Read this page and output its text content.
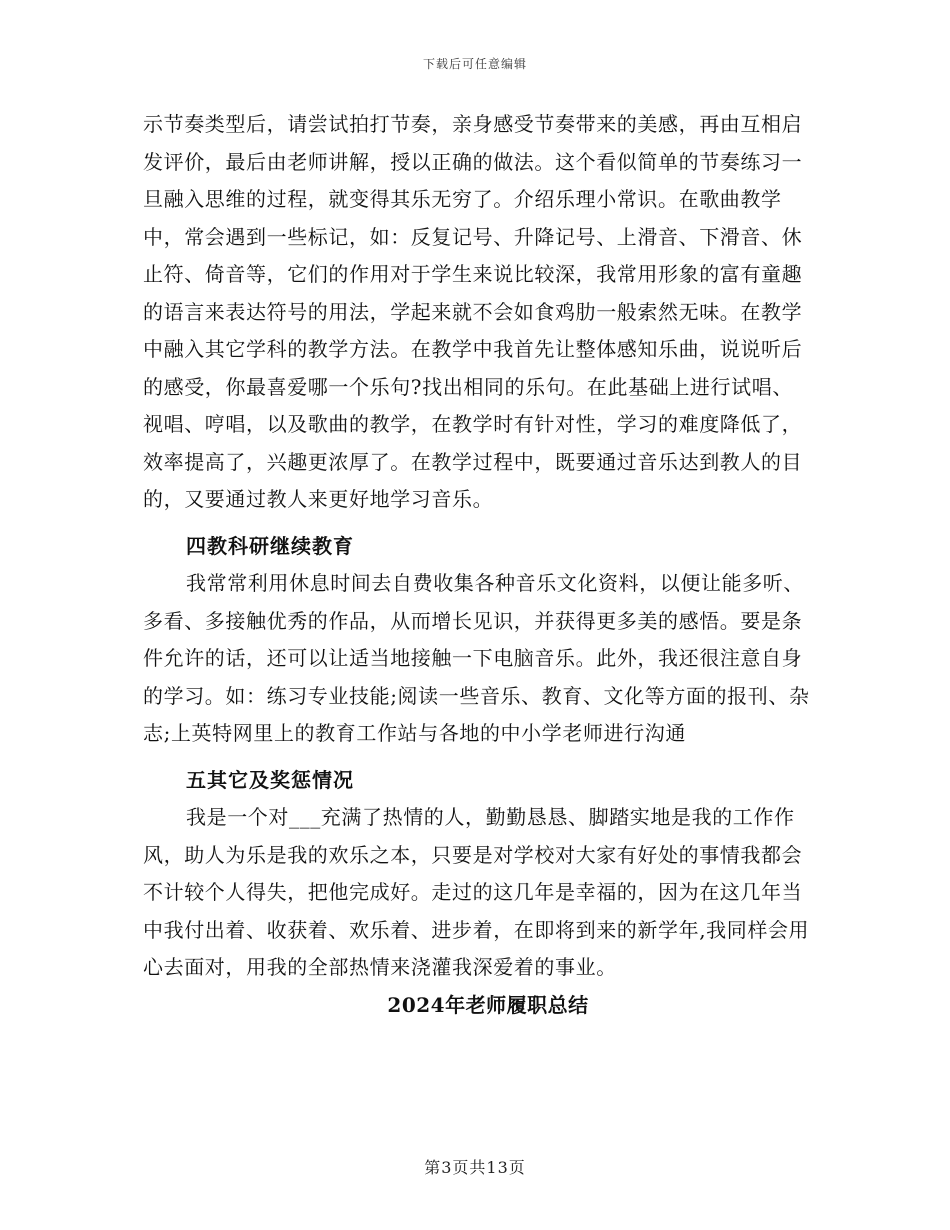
下载后可任意编辑

示节奏类型后，请尝试拍打节奏，亲身感受节奏带来的美感，再由互相启发评价，最后由老师讲解，授以正确的做法。这个看似简单的节奏练习一旦融入思维的过程，就变得其乐无穷了。介绍乐理小常识。在歌曲教学中，常会遇到一些标记，如：反复记号、升降记号、上滑音、下滑音、休止符、倚音等，它们的作用对于学生来说比较深，我常用形象的富有童趣的语言来表达符号的用法，学起来就不会如食鸡肋一般索然无味。在教学中融入其它学科的教学方法。在教学中我首先让整体感知乐曲，说说听后的感受，你最喜爱哪一个乐句?找出相同的乐句。在此基础上进行试唱、视唱、哼唱，以及歌曲的教学，在教学时有针对性，学习的难度降低了，效率提高了，兴趣更浓厚了。在教学过程中，既要通过音乐达到教人的目的，又要通过教人来更好地学习音乐。

四教科研继续教育

我常常利用休息时间去自费收集各种音乐文化资料，以便让能多听、多看、多接触优秀的作品，从而增长见识，并获得更多美的感悟。要是条件允许的话，还可以让适当地接触一下电脑音乐。此外，我还很注意自身的学习。如：练习专业技能;阅读一些音乐、教育、文化等方面的报刊、杂志;上英特网里上的教育工作站与各地的中小学老师进行沟通

五其它及奖惩情况

我是一个对___充满了热情的人，勤勤恳恳、脚踏实地是我的工作作风，助人为乐是我的欢乐之本，只要是对学校对大家有好处的事情我都会不计较个人得失，把他完成好。走过的这几年是幸福的，因为在这几年当中我付出着、收获着、欢乐着、进步着，在即将到来的新学年,我同样会用心去面对，用我的全部热情来浇灌我深爱着的事业。

2024年老师履职总结

第3页共13页
